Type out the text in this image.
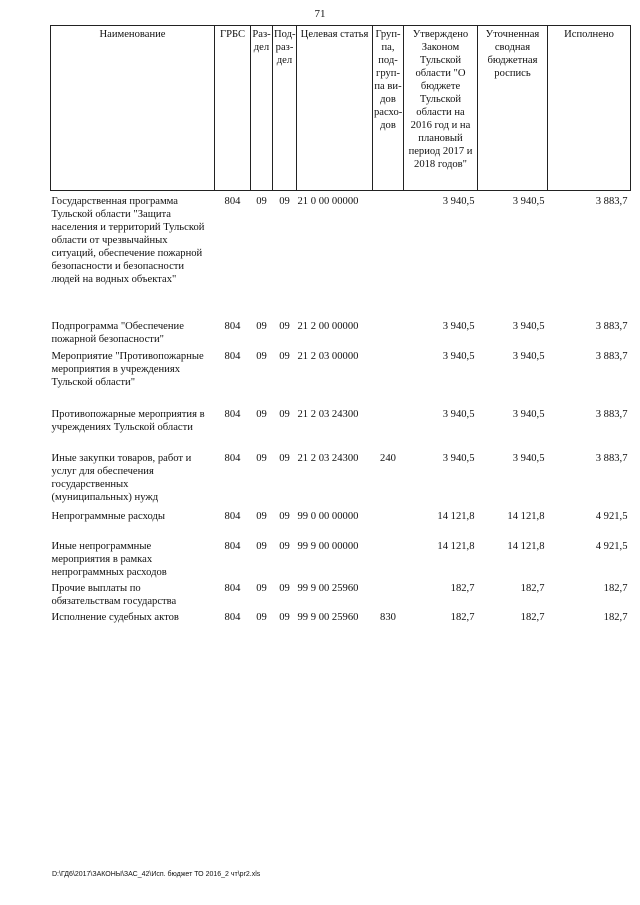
71
Наименование	ГРБС	Раз-дел	Под-раз-дел	Целевая статья	Груп-па, под-груп-па ви-дов расхо-дов	Утверждено Законом Тульской области "О бюджете Тульской области на 2016 год и на плановый период 2017 и 2018 годов"	Уточненная сводная бюджетная роспись	Исполнено
Государственная программа Тульской области "Защита населения и территорий Тульской области от чрезвычайных ситуаций, обеспечение пожарной безопасности и безопасности людей на водных объектах"	804	09	09	21 0 00 00000		3 940,5	3 940,5	3 883,7
Подпрограмма "Обеспечение пожарной безопасности"	804	09	09	21 2 00 00000		3 940,5	3 940,5	3 883,7
Мероприятие "Противопожарные мероприятия в учреждениях Тульской области"	804	09	09	21 2 03 00000		3 940,5	3 940,5	3 883,7
Противопожарные мероприятия в учреждениях Тульской области	804	09	09	21 2 03 24300		3 940,5	3 940,5	3 883,7
Иные закупки товаров, работ и услуг для обеспечения государственных (муниципальных) нужд	804	09	09	21 2 03 24300	240	3 940,5	3 940,5	3 883,7
Непрограммные расходы	804	09	09	99 0 00 00000		14 121,8	14 121,8	4 921,5
Иные непрограммные мероприятия в рамках непрограммных расходов	804	09	09	99 9 00 00000		14 121,8	14 121,8	4 921,5
Прочие выплаты по обязательствам государства	804	09	09	99 9 00 25960		182,7	182,7	182,7
Исполнение судебных актов	804	09	09	99 9 00 25960	830	182,7	182,7	182,7
D:\ГД6\2017\ЗАКОНЫ\ЗАС_42\Исп. бюджет ТО 2016_2 чт\pr2.xls
